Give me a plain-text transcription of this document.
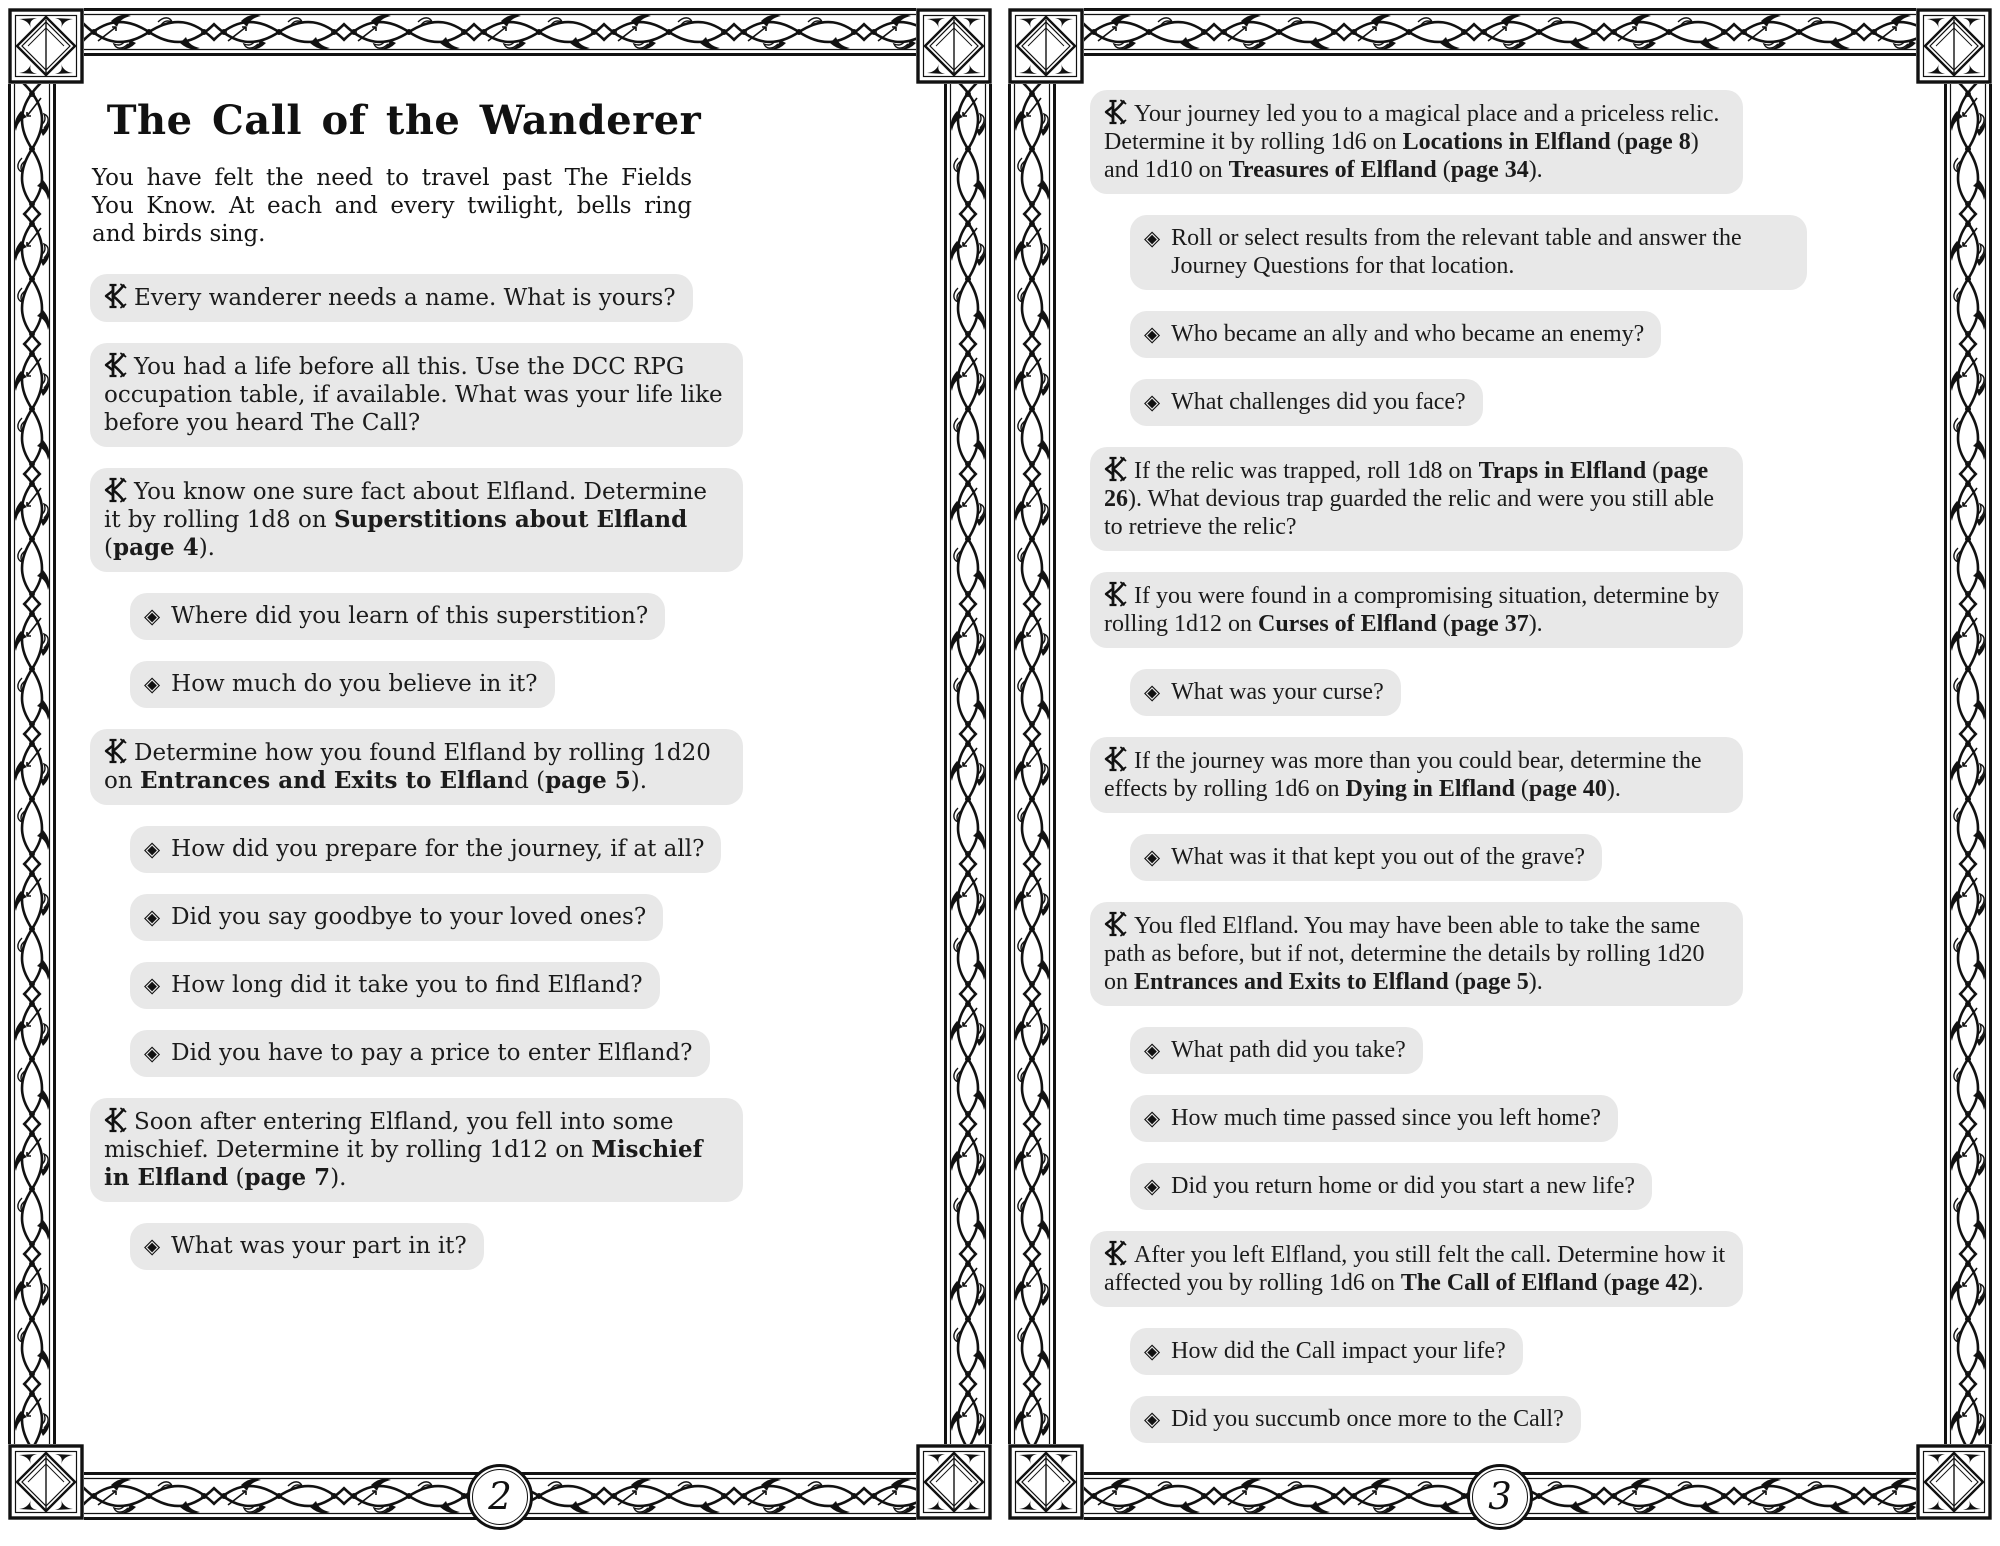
The Call of the Wanderer

You have felt the need to travel past The Fields You Know. At each and every twilight, bells ring and birds sing.

Every wanderer needs a name. What is yours?
You had a life before all this. Use the DCC RPG occupation table, if available. What was your life like before you heard The Call?
You know one sure fact about Elfland. Determine it by rolling 1d8 on Superstitions about Elfland (page 4).
◈ Where did you learn of this superstition?
◈ How much do you believe in it?
Determine how you found Elfland by rolling 1d20 on Entrances and Exits to Elfland (page 5).
◈ How did you prepare for the journey, if at all?
◈ Did you say goodbye to your loved ones?
◈ How long did it take you to find Elfland?
◈ Did you have to pay a price to enter Elfland?
Soon after entering Elfland, you fell into some mischief. Determine it by rolling 1d12 on Mischief in Elfland (page 7).
◈ What was your part in it?
2
Your journey led you to a magical place and a priceless relic. Determine it by rolling 1d6 on Locations in Elfland (page 8) and 1d10 on Treasures of Elfland (page 34).
◈ Roll or select results from the relevant table and answer the Journey Questions for that location.
◈ Who became an ally and who became an enemy?
◈ What challenges did you face?
If the relic was trapped, roll 1d8 on Traps in Elfland (page 26). What devious trap guarded the relic and were you still able to retrieve the relic?
If you were found in a compromising situation, determine by rolling 1d12 on Curses of Elfland (page 37).
◈ What was your curse?
If the journey was more than you could bear, determine the effects by rolling 1d6 on Dying in Elfland (page 40).
◈ What was it that kept you out of the grave?
You fled Elfland. You may have been able to take the same path as before, but if not, determine the details by rolling 1d20 on Entrances and Exits to Elfland (page 5).
◈ What path did you take?
◈ How much time passed since you left home?
◈ Did you return home or did you start a new life?
After you left Elfland, you still felt the call. Determine how it affected you by rolling 1d6 on The Call of Elfland (page 42).
◈ How did the Call impact your life?
◈ Did you succumb once more to the Call?
3
